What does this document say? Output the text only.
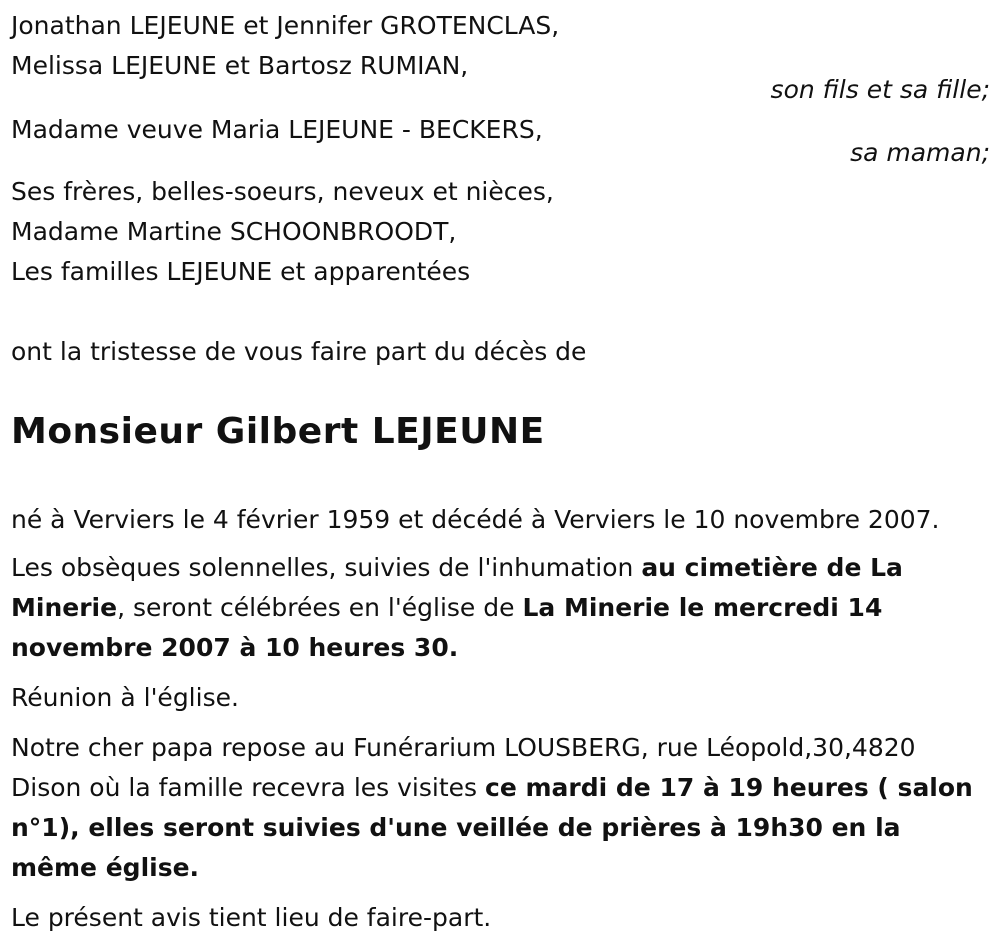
Jonathan LEJEUNE et Jennifer GROTENCLAS,
Melissa LEJEUNE et Bartosz RUMIAN,
son fils et sa fille;
Madame veuve Maria LEJEUNE - BECKERS,
sa maman;
Ses frères, belles-soeurs, neveux et nièces,
Madame Martine SCHOONBROODT,
Les familles LEJEUNE et apparentées
ont la tristesse de vous faire part du décès de
Monsieur Gilbert LEJEUNE
né à Verviers le 4 février 1959 et décédé à Verviers le 10 novembre 2007.
Les obsèques solennelles, suivies de l'inhumation au cimetière de La Minerie, seront célébrées en l'église de La Minerie le mercredi 14 novembre 2007 à 10 heures 30.
Réunion à l'église.
Notre cher papa repose au Funérarium LOUSBERG, rue Léopold,30,4820 Dison où la famille recevra les visites ce mardi de 17 à 19 heures ( salon n°1), elles seront suivies d'une veillée de prières à 19h30 en la même église.
Le présent avis tient lieu de faire-part.
